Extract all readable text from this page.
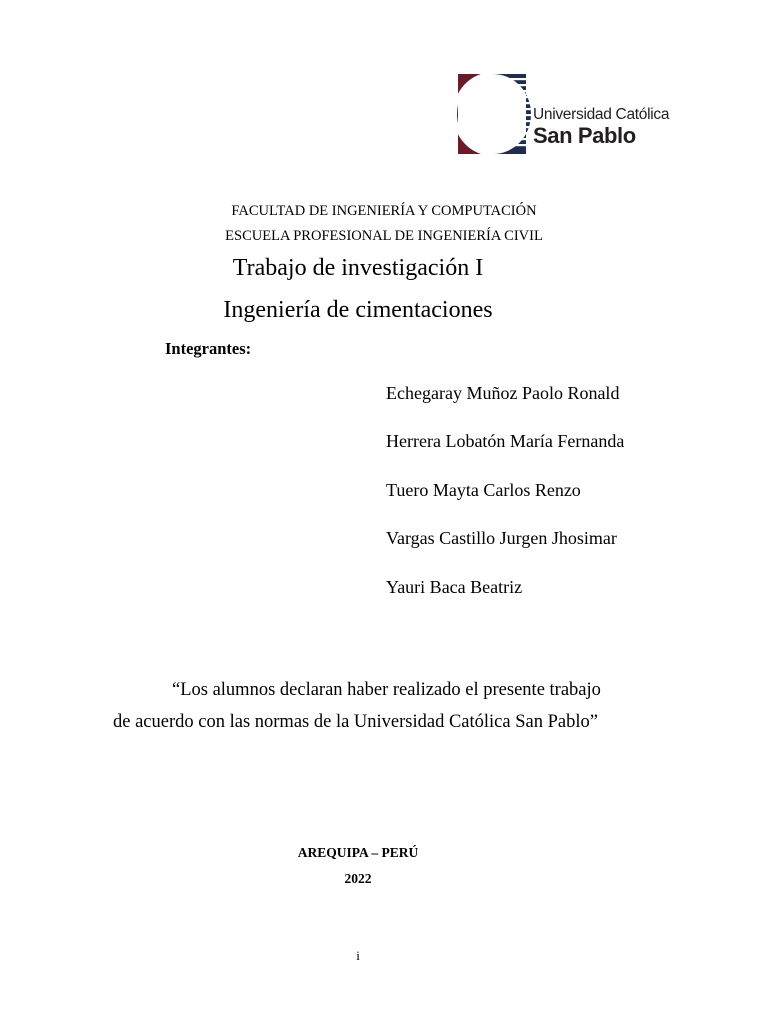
Universidad Católica
San Pablo
FACULTAD DE INGENIERÍA Y COMPUTACIÓN
ESCUELA PROFESIONAL DE INGENIERÍA CIVIL
Trabajo de investigación I
Ingeniería de cimentaciones
Integrantes:
Echegaray Muñoz Paolo Ronald
Herrera Lobatón María Fernanda
Tuero Mayta Carlos Renzo
Vargas Castillo Jurgen Jhosimar
Yauri Baca Beatriz
“Los alumnos declaran haber realizado el presente trabajo
de acuerdo con las normas de la Universidad Católica San Pablo”
AREQUIPA – PERÚ
2022
i
